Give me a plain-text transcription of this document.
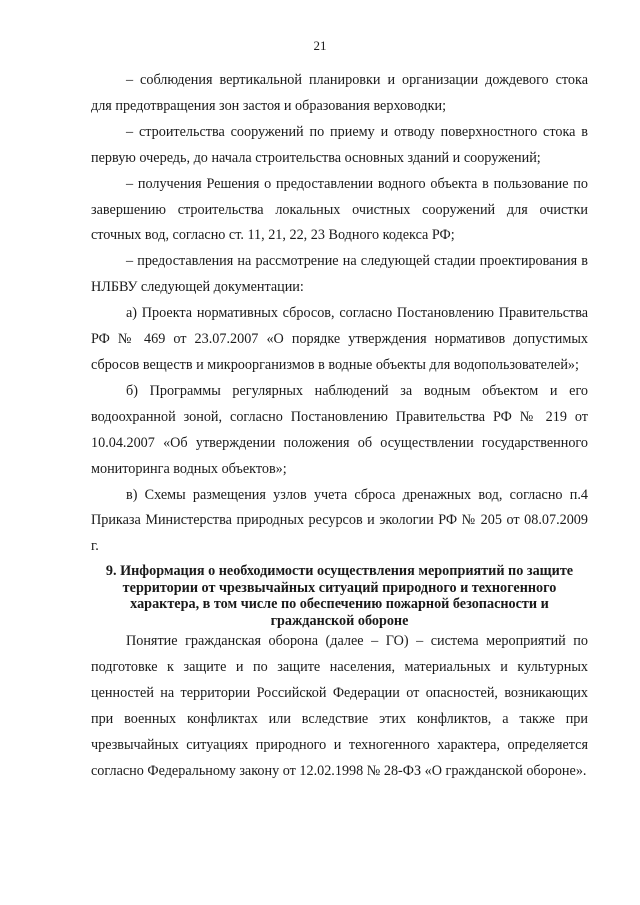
21

– соблюдения вертикальной планировки и организации дождевого стока для предотвращения зон застоя и образования верховодки;

– строительства сооружений по приему и отводу поверхностного стока в первую очередь, до начала строительства основных зданий и сооружений;

– получения Решения о предоставлении водного объекта в пользование по завершению строительства локальных очистных сооружений для очистки сточных вод, согласно ст. 11, 21, 22, 23 Водного кодекса РФ;

– предоставления на рассмотрение на следующей стадии проектирования в НЛБВУ следующей документации:

а) Проекта нормативных сбросов, согласно Постановлению Правительства РФ № 469 от 23.07.2007 «О порядке утверждения нормативов допустимых сбросов веществ и микроорганизмов в водные объекты для водопользователей»;

б) Программы регулярных наблюдений за водным объектом и его водоохранной зоной, согласно Постановлению Правительства РФ № 219 от 10.04.2007 «Об утверждении положения об осуществлении государственного мониторинга водных объектов»;

в) Схемы размещения узлов учета сброса дренажных вод, согласно п.4 Приказа Министерства природных ресурсов и экологии РФ № 205 от 08.07.2009 г.

9. Информация о необходимости осуществления мероприятий по защите территории от чрезвычайных ситуаций природного и техногенного характера, в том числе по обеспечению пожарной безопасности и гражданской обороне

Понятие гражданская оборона (далее – ГО) – система мероприятий по подготовке к защите и по защите населения, материальных и культурных ценностей на территории Российской Федерации от опасностей, возникающих при военных конфликтах или вследствие этих конфликтов, а также при чрезвычайных ситуациях природного и техногенного характера, определяется согласно Федеральному закону от 12.02.1998 № 28-ФЗ «О гражданской обороне».
